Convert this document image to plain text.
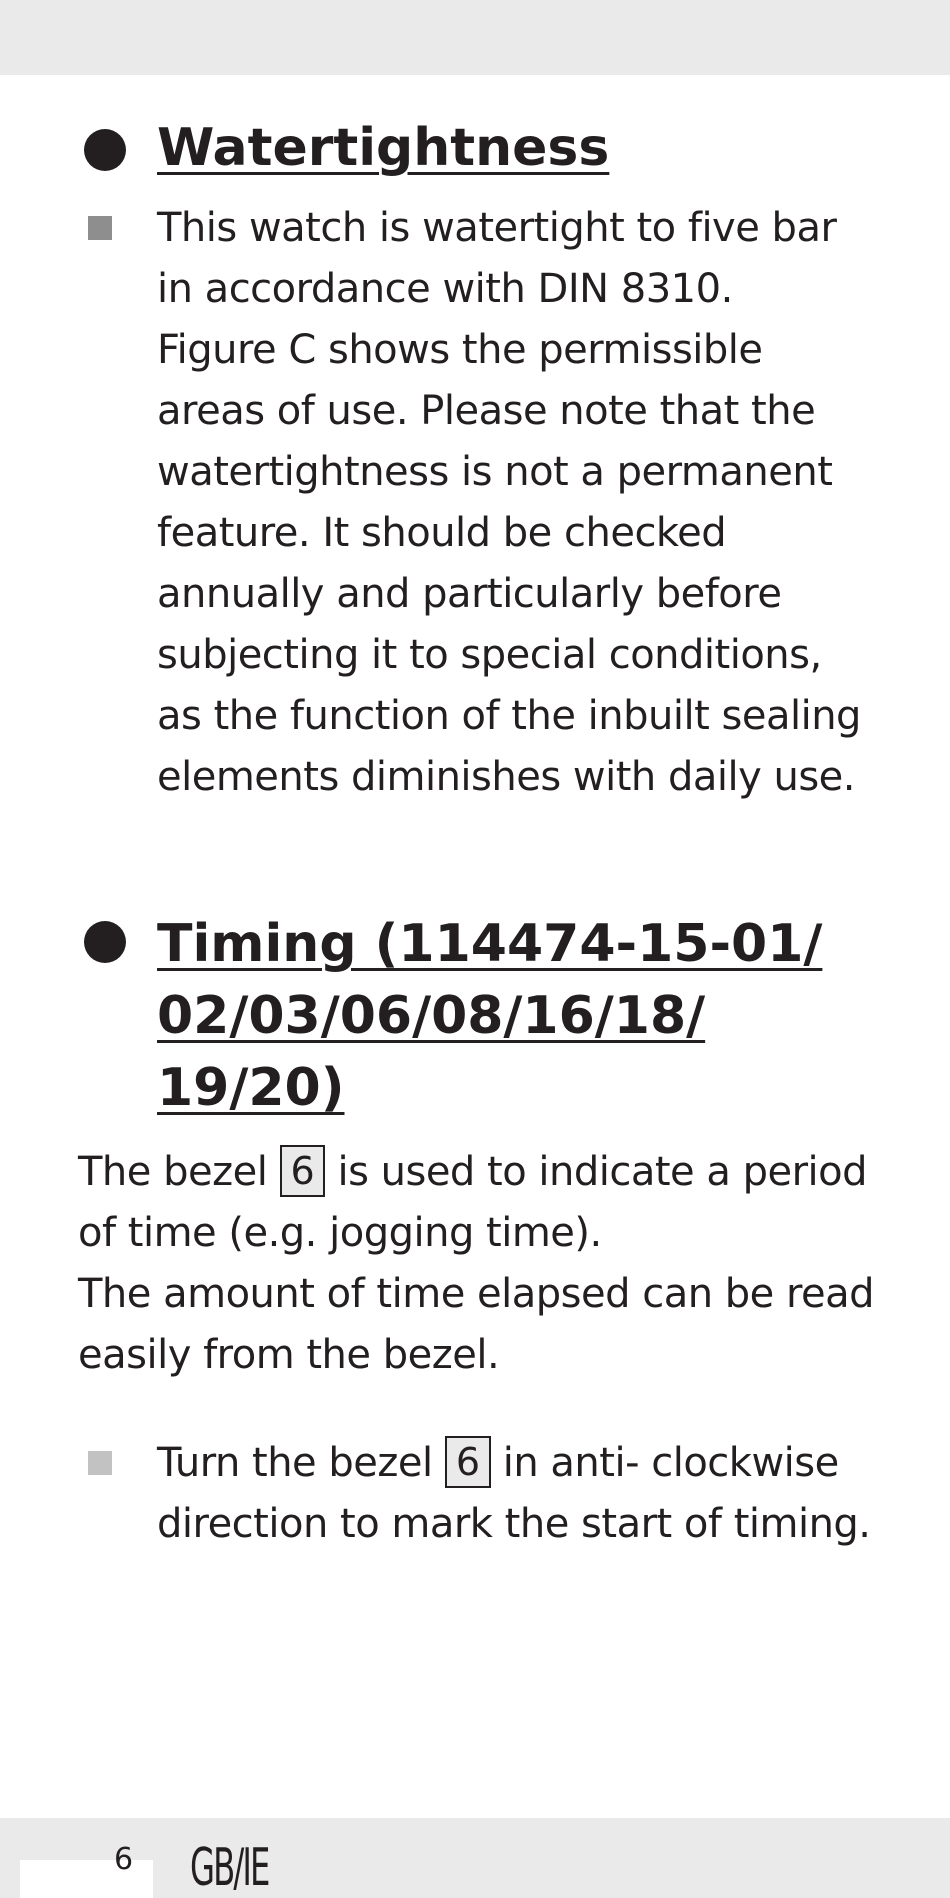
Watertightness

This watch is watertight to five bar
in accordance with DIN 8310.
Figure C shows the permissible
areas of use. Please note that the
watertightness is not a permanent
feature. It should be checked
annually and particularly before
subjecting it to special conditions,
as the function of the inbuilt sealing
elements diminishes with daily use.

Timing (114474-15-01/
02/03/06/08/16/18/
19/20)

The bezel 6 is used to indicate a period
of time (e.g. jogging time).
The amount of time elapsed can be read
easily from the bezel.

Turn the bezel 6 in anti- clockwise
direction to mark the start of timing.

6 GB/IE
